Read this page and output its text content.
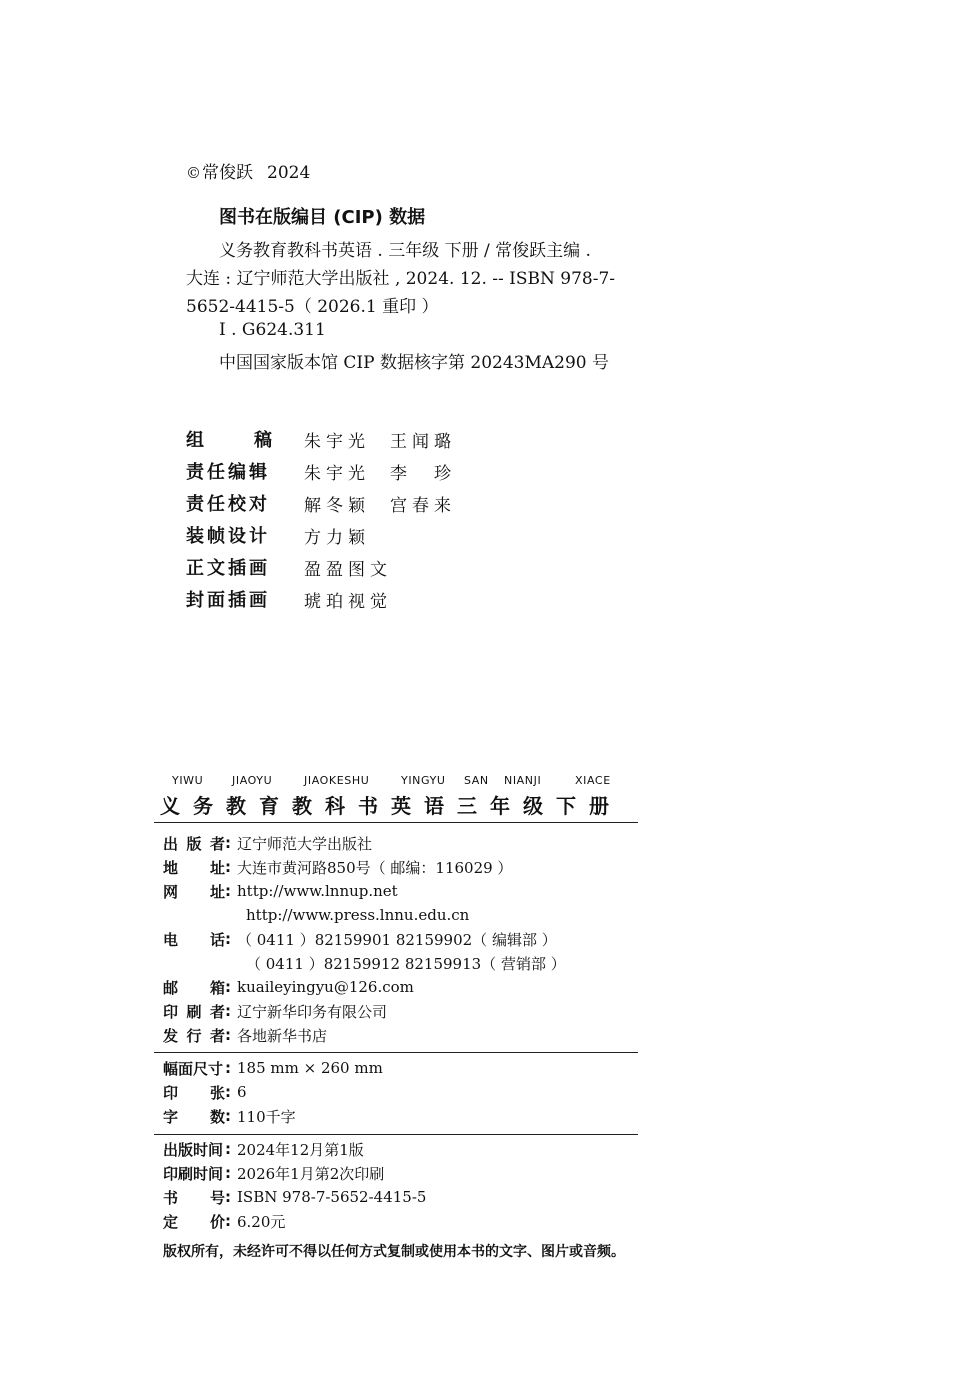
©常俊跃 2024
图书在版编目 (CIP) 数据
义务教育教科书英语 . 三年级 下册 / 常俊跃主编 .
大连 : 辽宁师范大学出版社 , 2024. 12. -- ISBN 978-7-
5652-4415-5（ 2026.1 重印 ）
Ⅰ . G624.311
中国国家版本馆 CIP 数据核字第 20243MA290 号
组	稿 朱宇光 王闻璐
责任编辑	朱宇光 李　珍
责任校对	解冬颖 宫春来
装帧设计	方力颖
正文插画	盈盈图文
封面插画	琥珀视觉
YIWU	JIAOYU	JIAOKESHU	YINGYU SAN NIANJI	XIACE
义务教育教科书英语三年级下册
出 版 者 : 辽宁师范大学出版社
地 址 : 大连市黄河路850号（ 邮编：116029 ）
网 址 : http://www.lnnup.net
http://www.press.lnnu.edu.cn
电 话 : （ 0411 ）82159901 82159902（ 编辑部 ）
（ 0411 ）82159912 82159913（ 营销部 ）
邮 箱 : kuaileyingyu@126.com
印 刷 者 : 辽宁新华印务有限公司
发 行 者 : 各地新华书店
幅面尺寸 : 185 mm × 260 mm
印 张 : 6
字 数 : 110千字
出版时间 : 2024年12月第1版
印刷时间 : 2026年1月第2次印刷
书 号 : ISBN 978-7-5652-4415-5
定 价 : 6.20元
版权所有，未经许可不得以任何方式复制或使用本书的文字、图片或音频。
